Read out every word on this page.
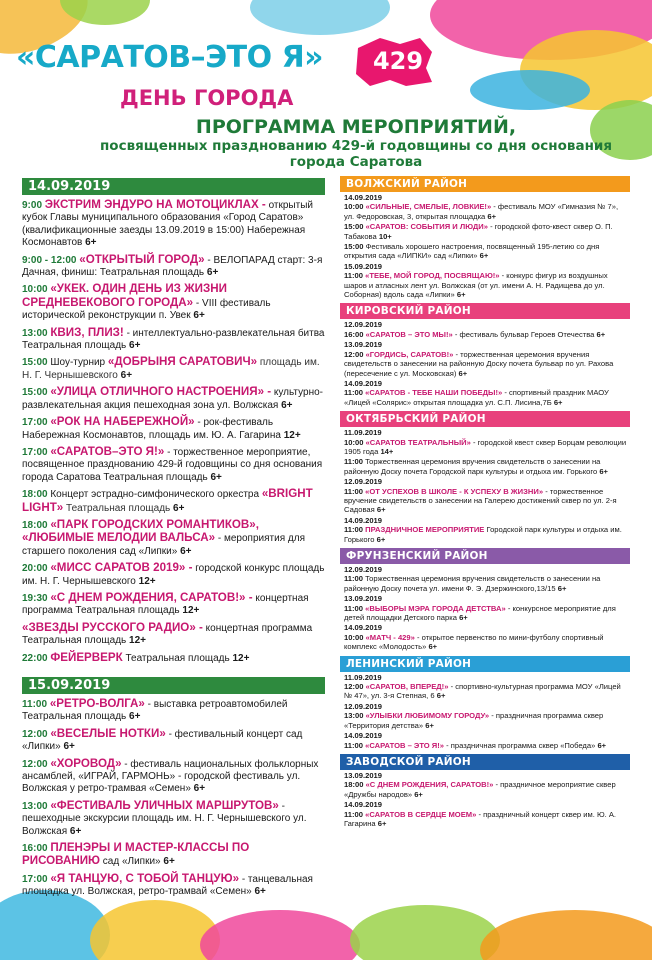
«САРАТОВ–ЭТО Я» 429
ДЕНЬ ГОРОДА
ПРОГРАММА МЕРОПРИЯТИЙ,
посвященных празднованию 429-й годовщины со дня основания
города Саратова
14.09.2019
9:00 ЭКСТРИМ ЭНДУРО НА МОТОЦИКЛАХ - открытый кубок Главы муниципального образования «Город Саратов» (квалификационные заезды 13.09.2019 в 15:00) Набережная Космонавтов 6+
9:00 - 12:00 «ОТКРЫТЫЙ ГОРОД» - ВЕЛОПАРАД старт: 3-я Дачная, финиш: Театральная площадь 6+
10:00 «УКЕК. ОДИН ДЕНЬ ИЗ ЖИЗНИ СРЕДНЕВЕКОВОГО ГОРОДА» - VIII фестиваль исторической реконструкции п. Увек 6+
13:00 КВИЗ, ПЛИЗ! - интеллектуально-развлекательная битва Театральная площадь 6+
15:00 Шоу-турнир «ДОБРЫНЯ САРАТОВИЧ» площадь им. Н. Г. Чернышевского 6+
15:00 «УЛИЦА ОТЛИЧНОГО НАСТРОЕНИЯ» - культурно-развлекательная акция пешеходная зона ул. Волжская 6+
17:00 «РОК НА НАБЕРЕЖНОЙ» - рок-фестиваль Набережная Космонавтов, площадь им. Ю. А. Гагарина 12+
17:00 «САРАТОВ–ЭТО Я!» - торжественное мероприятие, посвященное празднованию 429-й годовщины со дня основания города Саратова Театральная площадь 6+
18:00 Концерт эстрадно-симфонического оркестра «BRIGHT LIGHT» Театральная площадь 6+
18:00 «ПАРК ГОРОДСКИХ РОМАНТИКОВ», «ЛЮБИМЫЕ МЕЛОДИИ ВАЛЬСА» - мероприятия для старшего поколения сад «Липки» 6+
20:00 «МИСС САРАТОВ 2019» - городской конкурс площадь им. Н. Г. Чернышевского 12+
19:30 «С ДНЕМ РОЖДЕНИЯ, САРАТОВ!» - концертная программа Театральная площадь 12+
«ЗВЕЗДЫ РУССКОГО РАДИО» - концертная программа Театральная площадь 12+
22:00 ФЕЙЕРВЕРК Театральная площадь 12+
15.09.2019
11:00 «РЕТРО-ВОЛГА» - выставка ретроавтомобилей Театральная площадь 6+
12:00 «ВЕСЕЛЫЕ НОТКИ» - фестивальный концерт сад «Липки» 6+
12:00 «ХОРОВОД» - фестиваль национальных фольклорных ансамблей, «ИГРАЙ, ГАРМОНЬ» - городской фестиваль ул. Волжская у ретро-трамвая «Семен» 6+
13:00 «ФЕСТИВАЛЬ УЛИЧНЫХ МАРШРУТОВ» - пешеходные экскурсии площадь им. Н. Г. Чернышевского ул. Волжская 6+
16:00 ПЛЕНЭРЫ И МАСТЕР-КЛАССЫ ПО РИСОВАНИЮ сад «Липки» 6+
17:00 «Я ТАНЦУЮ, С ТОБОЙ ТАНЦУЮ» - танцевальная площадка ул. Волжская, ретро-трамвай «Семен» 6+
ВОЛЖСКИЙ РАЙОН
14.09.2019
10:00 «СИЛЬНЫЕ, СМЕЛЫЕ, ЛОВКИЕ!» - фестиваль МОУ «Гимназия № 7», ул. Федоровская, 3, открытая площадка 6+
15:00 «САРАТОВ: СОБЫТИЯ И ЛЮДИ» - городской фото-квест сквер О. П. Табакова 10+
15:00 Фестиваль хорошего настроения, посвященный 195-летию со дня открытия сада «ЛИПКИ» сад «Липки» 6+
15.09.2019
11:00 «ТЕБЕ, МОЙ ГОРОД, ПОСВЯЩАЮ!» - конкурс фигур из воздушных шаров и атласных лент ул. Волжская (от ул. имени А. Н. Радищева до ул. Соборная) вдоль сада «Липки» 6+
КИРОВСКИЙ РАЙОН
12.09.2019
16:00 «САРАТОВ – ЭТО МЫ!» - фестиваль бульвар Героев Отечества 6+
13.09.2019
12:00 «ГОРДИСЬ, САРАТОВ!» - торжественная церемония вручения свидетельств о занесении на районную Доску почета бульвар по ул. Рахова (пересечение с ул. Московская) 6+
14.09.2019
11:00 «САРАТОВ - ТЕБЕ НАШИ ПОБЕДЫ!» - спортивный праздник МАОУ «Лицей «Солярис» открытая площадка ул. С.П. Лисина,7Б 6+
ОКТЯБРЬСКИЙ РАЙОН
11.09.2019
10:00 «САРАТОВ ТЕАТРАЛЬНЫЙ» - городской квест сквер Борцам революции 1905 года 14+
11:00 Торжественная церемония вручения свидетельств о занесении на районную Доску почета Городской парк культуры и отдыха им. Горького 6+
12.09.2019
11:00 «ОТ УСПЕХОВ В ШКОЛЕ - К УСПЕХУ В ЖИЗНИ» - торжественное вручение свидетельств о занесении на Галерею достижений сквер по ул. 2-я Садовая 6+
14.09.2019
11:00 ПРАЗДНИЧНОЕ МЕРОПРИЯТИЕ Городской парк культуры и отдыха им. Горького 6+
ФРУНЗЕНСКИЙ РАЙОН
12.09.2019
11:00 Торжественная церемония вручения свидетельств о занесении на районную Доску почета ул. имени Ф. Э. Дзержинского,13/15 6+
13.09.2019
11:00 «ВЫБОРЫ МЭРА ГОРОДА ДЕТСТВА» - конкурсное мероприятие для детей площадки Детского парка 6+
14.09.2019
10:00 «МАТЧ - 429» - открытое первенство по мини-футболу спортивный комплекс «Молодость» 6+
ЛЕНИНСКИЙ РАЙОН
11.09.2019
12:00 «САРАТОВ, ВПЕРЕД!» - спортивно-культурная программа МОУ «Лицей № 47», ул. 3-я Степная, 6 6+
12.09.2019
13:00 «УЛЫБКИ ЛЮБИМОМУ ГОРОДУ» - праздничная программа сквер «Территория детства» 6+
14.09.2019
11:00 «САРАТОВ – ЭТО Я!» - праздничная программа сквер «Победа» 6+
ЗАВОДСКОЙ РАЙОН
13.09.2019
18:00 «С ДНЕМ РОЖДЕНИЯ, САРАТОВ!» - праздничное мероприятие сквер «Дружбы народов» 6+
14.09.2019
11:00 «САРАТОВ В СЕРДЦЕ МОЕМ» - праздничный концерт сквер им. Ю. А. Гагарина 6+
